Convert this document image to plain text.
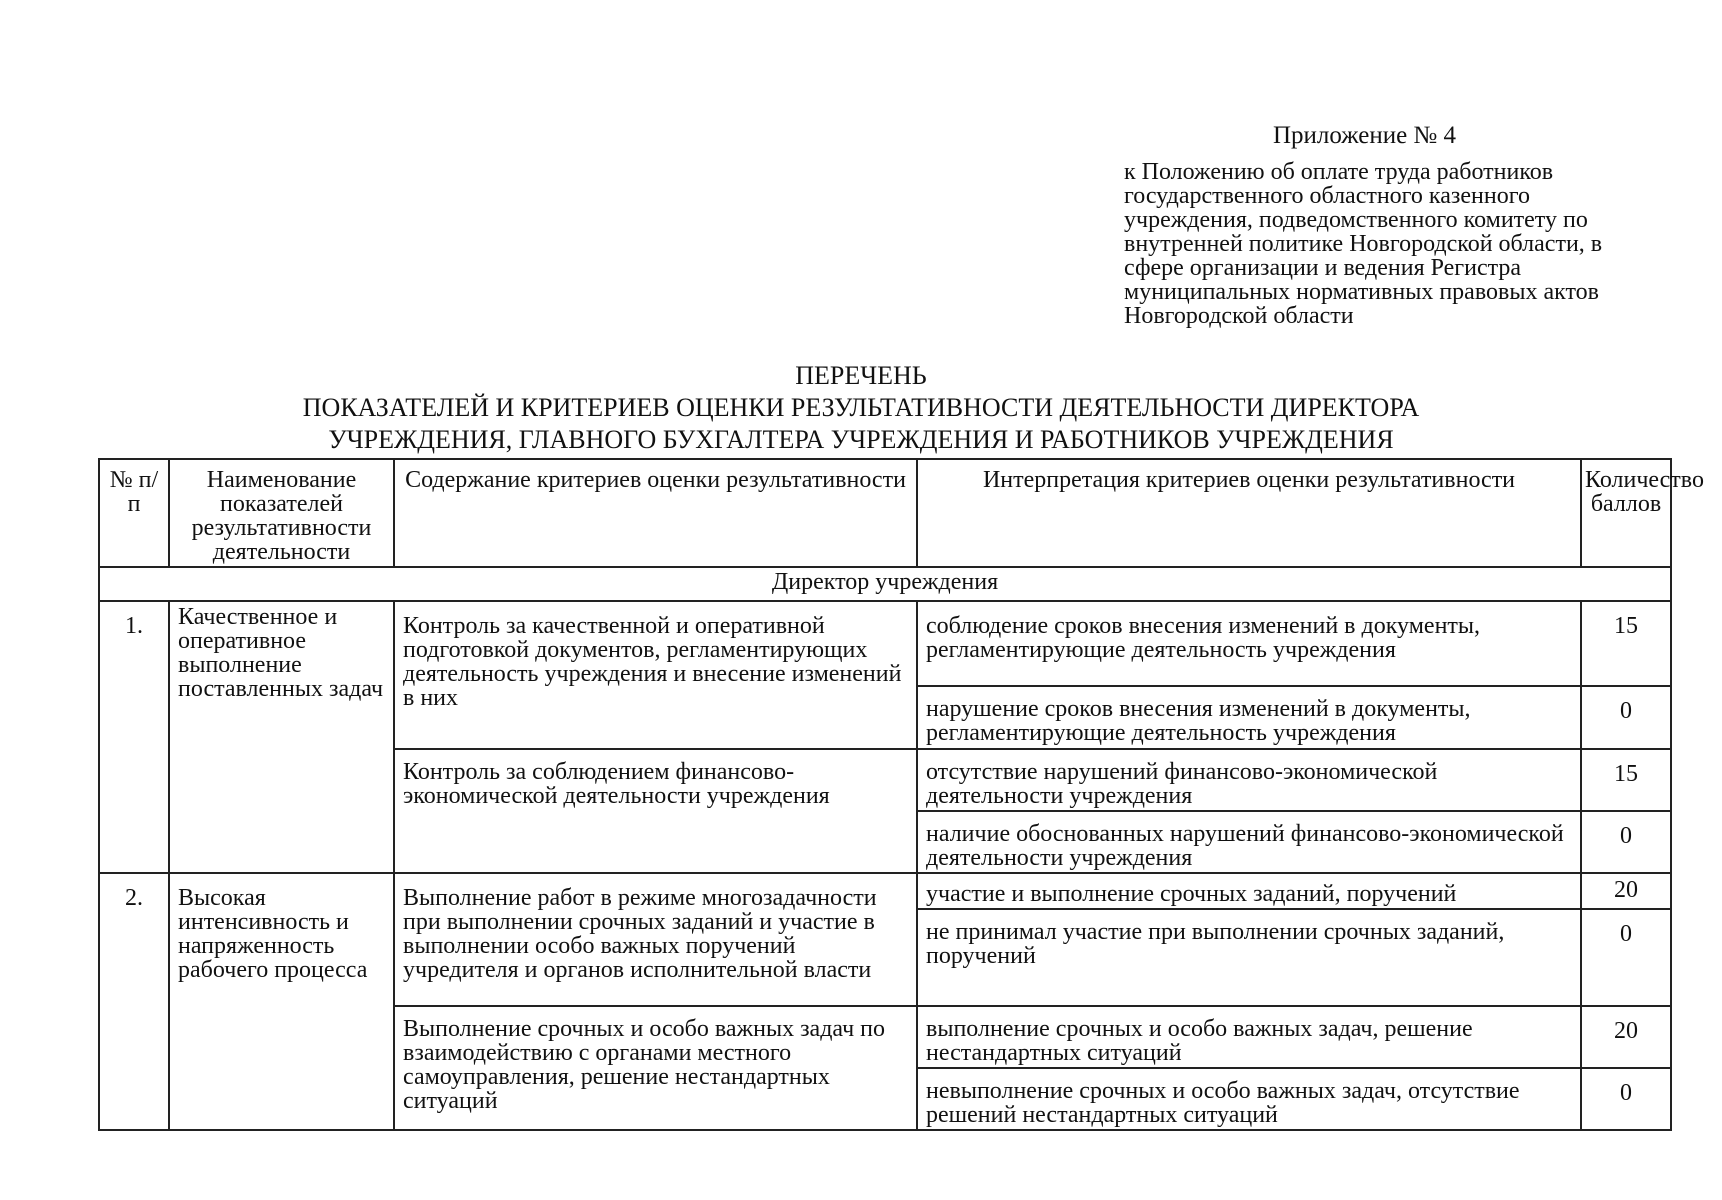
Приложение № 4
к Положению об оплате труда работников государственного областного казенного учреждения, подведомственного комитету по внутренней политике Новгородской области, в сфере организации и ведения Регистра муниципальных нормативных правовых актов Новгородской области
ПЕРЕЧЕНЬ
ПОКАЗАТЕЛЕЙ И КРИТЕРИЕВ ОЦЕНКИ РЕЗУЛЬТАТИВНОСТИ ДЕЯТЕЛЬНОСТИ ДИРЕКТОРА
УЧРЕЖДЕНИЯ, ГЛАВНОГО БУХГАЛТЕРА УЧРЕЖДЕНИЯ И РАБОТНИКОВ УЧРЕЖДЕНИЯ
№ п/п	Наименование показателей результативности деятельности	Содержание критериев оценки результативности	Интерпретация критериев оценки результативности	Количество баллов
Директор учреждения				
1.	Качественное и оперативное выполнение поставленных задач	Контроль за качественной и оперативной подготовкой документов, регламентирующих деятельность учреждения и внесение изменений в них	соблюдение сроков внесения изменений в документы, регламентирующие деятельность учреждения	15
			нарушение сроков внесения изменений в документы, регламентирующие деятельность учреждения	0
		Контроль за соблюдением финансово-экономической деятельности учреждения	отсутствие нарушений финансово-экономической деятельности учреждения	15
			наличие обоснованных нарушений финансово-экономической деятельности учреждения	0
2.	Высокая интенсивность и напряженность рабочего процесса	Выполнение работ в режиме многозадачности при выполнении срочных заданий и участие в выполнении особо важных поручений учредителя и органов исполнительной власти	участие и выполнение срочных заданий, поручений	20
			не принимал участие при выполнении срочных заданий, поручений	0
		Выполнение срочных и особо важных задач по взаимодействию с органами местного самоуправления, решение нестандартных ситуаций	выполнение срочных и особо важных задач, решение нестандартных ситуаций	20
			невыполнение срочных и особо важных задач, отсутствие решений нестандартных ситуаций	0
